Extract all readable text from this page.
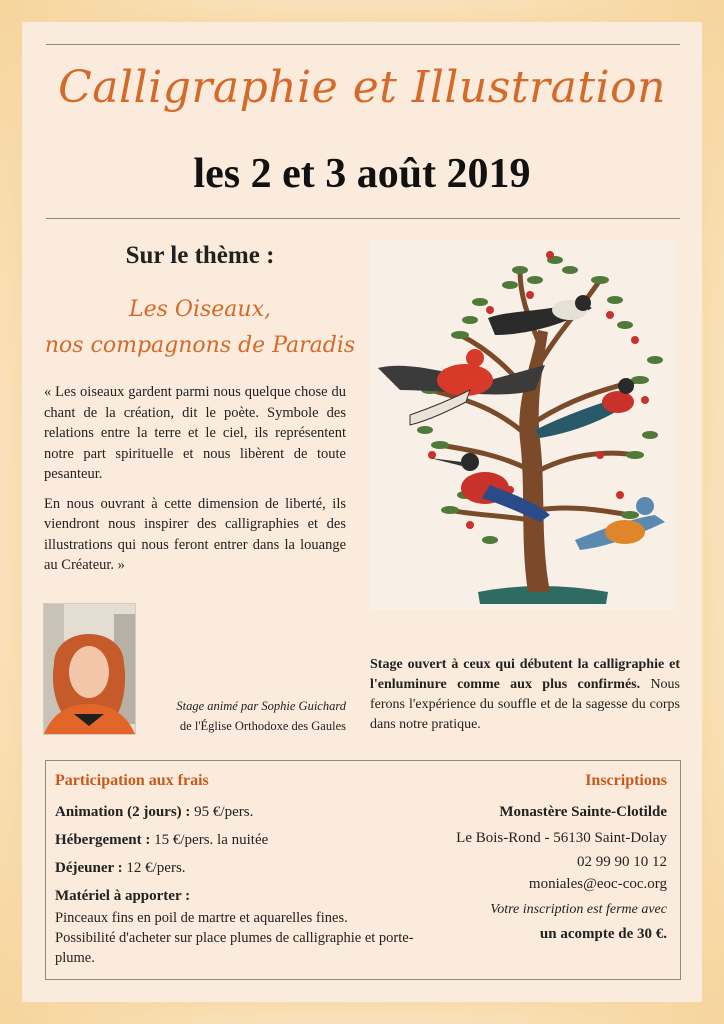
Calligraphie et Illustration
les 2 et 3 août 2019
Sur le thème :
Les Oiseaux,
nos compagnons de Paradis

« Les oiseaux gardent parmi nous quelque chose du chant de la création, dit le poète. Symbole des relations entre la terre et le ciel, ils représentent notre part spirituelle et nous libèrent de toute pesanteur.

En nous ouvrant à cette dimension de liberté, ils viendront nous inspirer des calligraphies et des illustrations qui nous feront entrer dans la louange au Créateur. »

Stage animé par Sophie Guichard
de l'Église Orthodoxe des Gaules
Stage ouvert à ceux qui débutent la calligraphie et l'enluminure comme aux plus confirmés. Nous ferons l'expérience du souffle et de la sagesse du corps dans notre pratique.
Participation aux frais
Animation (2 jours) : 95 €/pers.
Hébergement : 15 €/pers. la nuitée
Déjeuner : 12 €/pers.
Matériel à apporter :
Pinceaux fins en poil de martre et aquarelles fines.
Possibilité d'acheter sur place plumes de calligraphie et porte-plume.
Inscriptions
Monastère Sainte-Clotilde
Le Bois-Rond - 56130 Saint-Dolay
02 99 90 10 12
moniales@eoc-coc.org
Votre inscription est ferme avec
un acompte de 30 €.
